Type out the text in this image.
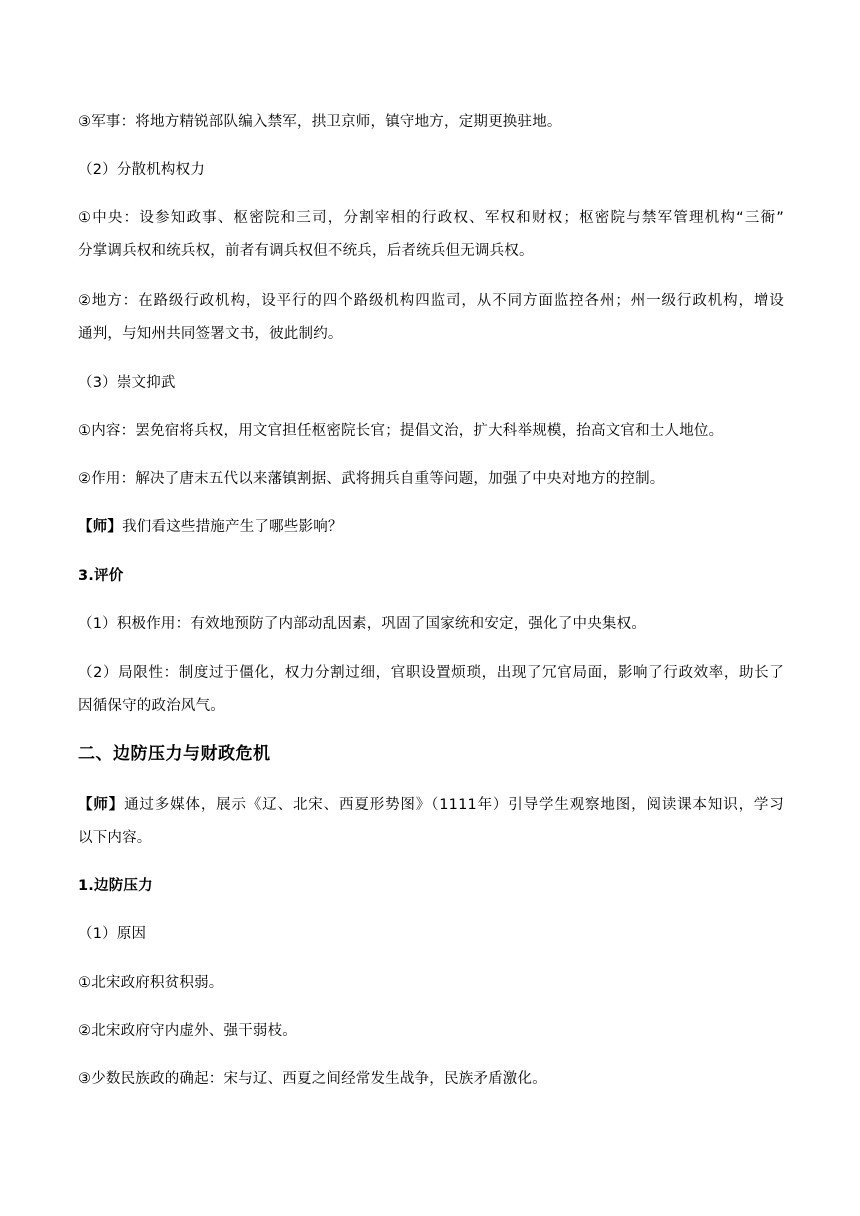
③军事：将地方精锐部队编入禁军，拱卫京师，镇守地方，定期更换驻地。
（2）分散机构权力
①中央：设参知政事、枢密院和三司，分割宰相的行政权、军权和财权；枢密院与禁军管理机构“三衙”
分掌调兵权和统兵权，前者有调兵权但不统兵，后者统兵但无调兵权。
②地方：在路级行政机构，设平行的四个路级机构四监司，从不同方面监控各州；州一级行政机构，增设
通判，与知州共同签署文书，彼此制约。
（3）崇文抑武
①内容：罢免宿将兵权，用文官担任枢密院长官；提倡文治，扩大科举规模，抬高文官和士人地位。
②作用：解决了唐末五代以来藩镇割据、武将拥兵自重等问题，加强了中央对地方的控制。
【师】我们看这些措施产生了哪些影响？
3.评价
（1）积极作用：有效地预防了内部动乱因素，巩固了国家统和安定，强化了中央集权。
（2）局限性：制度过于僵化，权力分割过细，官职设置烦琐，出现了冗官局面，影响了行政效率，助长了
因循保守的政治风气。
二、边防压力与财政危机
【师】通过多媒体，展示《辽、北宋、西夏形势图》（1111年）引导学生观察地图，阅读课本知识，学习
以下内容。
1.边防压力
（1）原因
①北宋政府积贫积弱。
②北宋政府守内虚外、强干弱枝。
③少数民族政的确起：宋与辽、西夏之间经常发生战争，民族矛盾激化。
